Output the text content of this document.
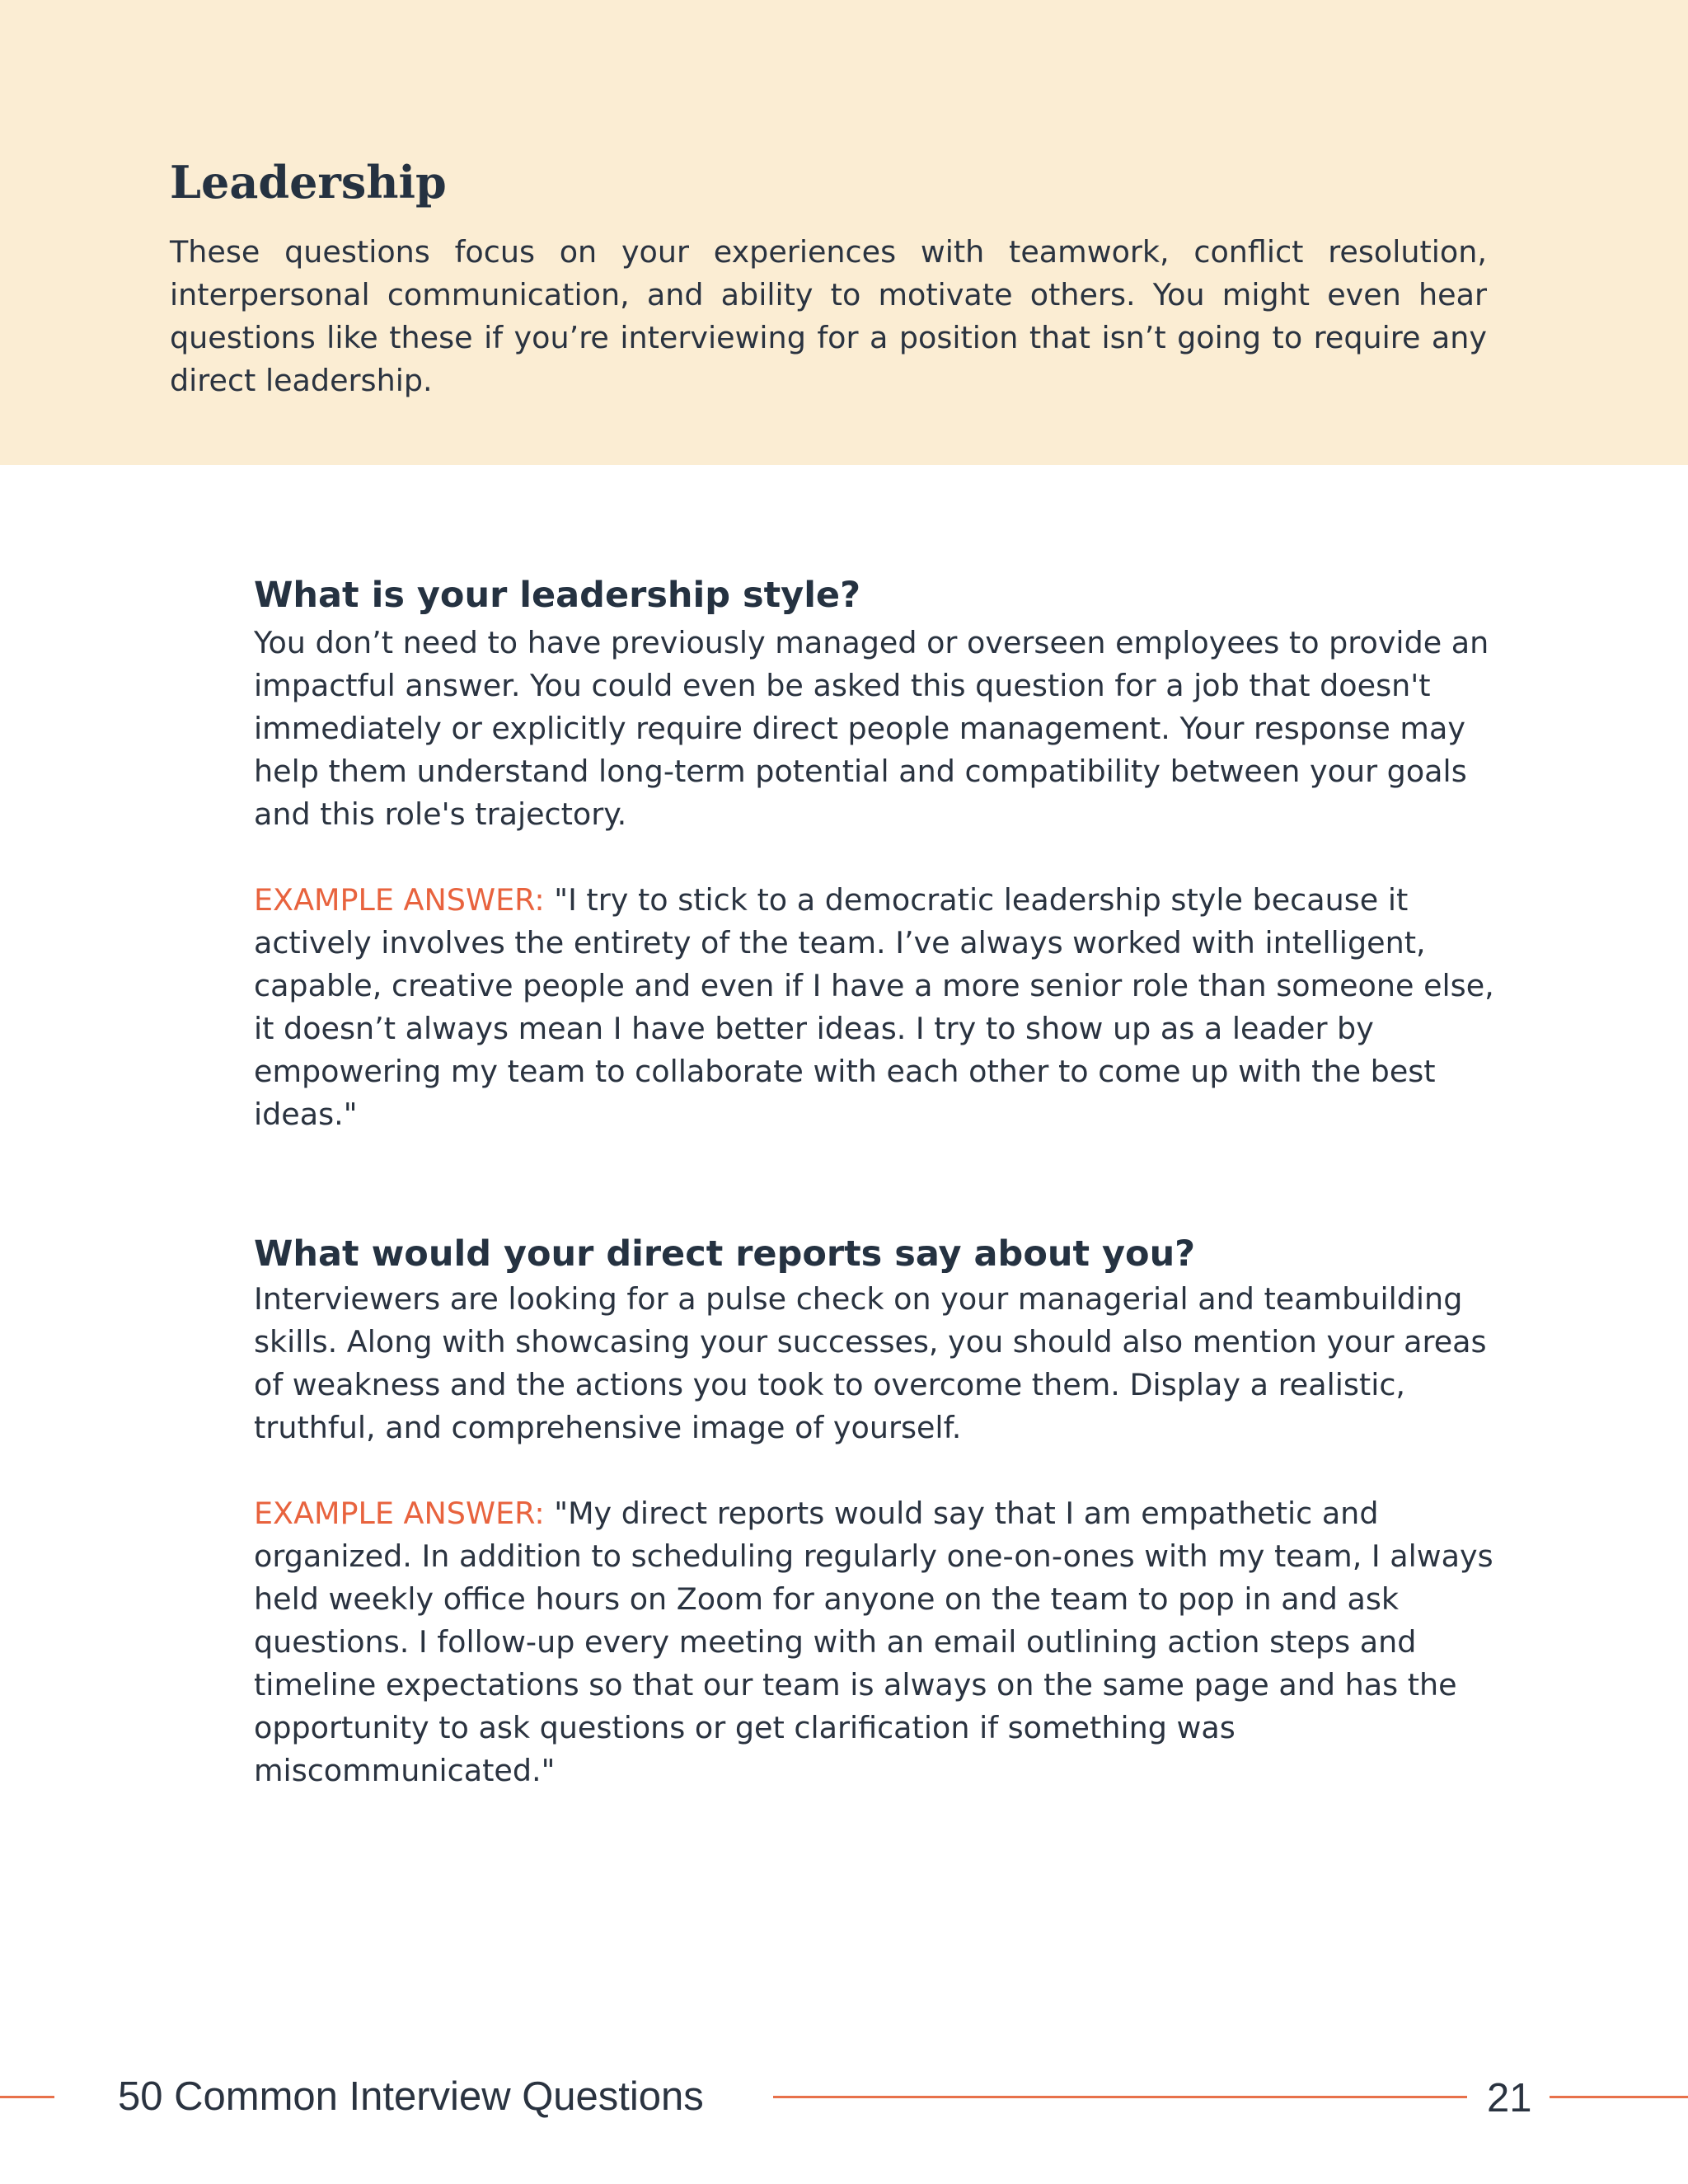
Leadership

These questions focus on your experiences with teamwork, conflict resolution, interpersonal communication, and ability to motivate others. You might even hear questions like these if you’re interviewing for a position that isn’t going to require any direct leadership.

What is your leadership style?

You don’t need to have previously managed or overseen employees to provide an impactful answer. You could even be asked this question for a job that doesn't immediately or explicitly require direct people management. Your response may help them understand long-term potential and compatibility between your goals and this role's trajectory.

EXAMPLE ANSWER: "I try to stick to a democratic leadership style because it actively involves the entirety of the team. I’ve always worked with intelligent, capable, creative people and even if I have a more senior role than someone else, it doesn’t always mean I have better ideas. I try to show up as a leader by empowering my team to collaborate with each other to come up with the best ideas."

What would your direct reports say about you?

Interviewers are looking for a pulse check on your managerial and teambuilding skills. Along with showcasing your successes, you should also mention your areas of weakness and the actions you took to overcome them. Display a realistic, truthful, and comprehensive image of yourself.

EXAMPLE ANSWER: "My direct reports would say that I am empathetic and organized. In addition to scheduling regularly one-on-ones with my team, I always held weekly office hours on Zoom for anyone on the team to pop in and ask questions. I follow-up every meeting with an email outlining action steps and timeline expectations so that our team is always on the same page and has the opportunity to ask questions or get clarification if something was miscommunicated."

50 Common Interview Questions	21
